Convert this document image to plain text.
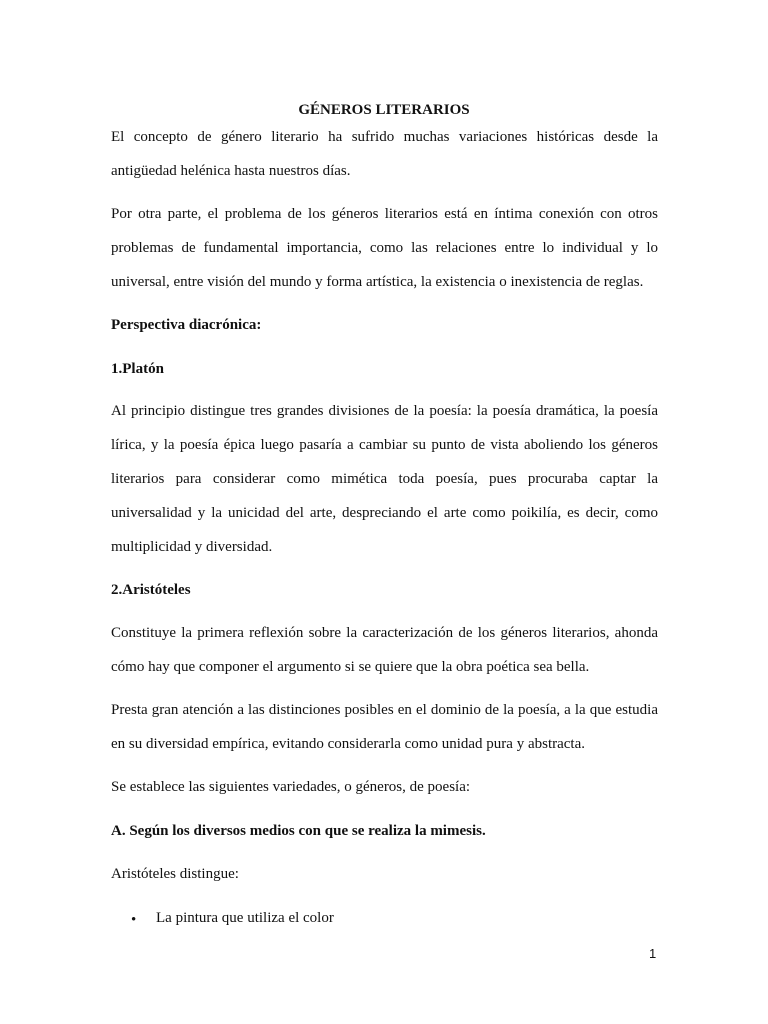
GÉNEROS LITERARIOS
El concepto de género literario ha sufrido muchas variaciones históricas desde la
antigüedad helénica hasta nuestros días.
Por otra parte, el problema de los géneros literarios está en íntima conexión con otros
problemas de fundamental importancia, como las relaciones entre lo individual y lo
universal, entre visión del mundo y forma artística, la existencia o inexistencia de reglas.
Perspectiva diacrónica:
1.Platón
Al principio distingue tres grandes divisiones de la poesía: la poesía dramática, la poesía
lírica, y la poesía épica luego pasaría a cambiar su punto de vista aboliendo los géneros
literarios para considerar como mimética toda poesía, pues procuraba captar la
universalidad y la unicidad del arte, despreciando el arte como poikilía, es decir, como
multiplicidad y diversidad.
2.Aristóteles
Constituye la primera reflexión sobre la caracterización de los géneros literarios, ahonda
cómo hay que componer el argumento si se quiere que la obra poética sea bella.
Presta gran atención a las distinciones posibles en el dominio de la poesía, a la que estudia
en su diversidad empírica, evitando considerarla como unidad pura y abstracta.
Se establece las siguientes variedades, o géneros, de poesía:
A. Según los diversos medios con que se realiza la mimesis.
Aristóteles distingue:
• La pintura que utiliza el color
1
